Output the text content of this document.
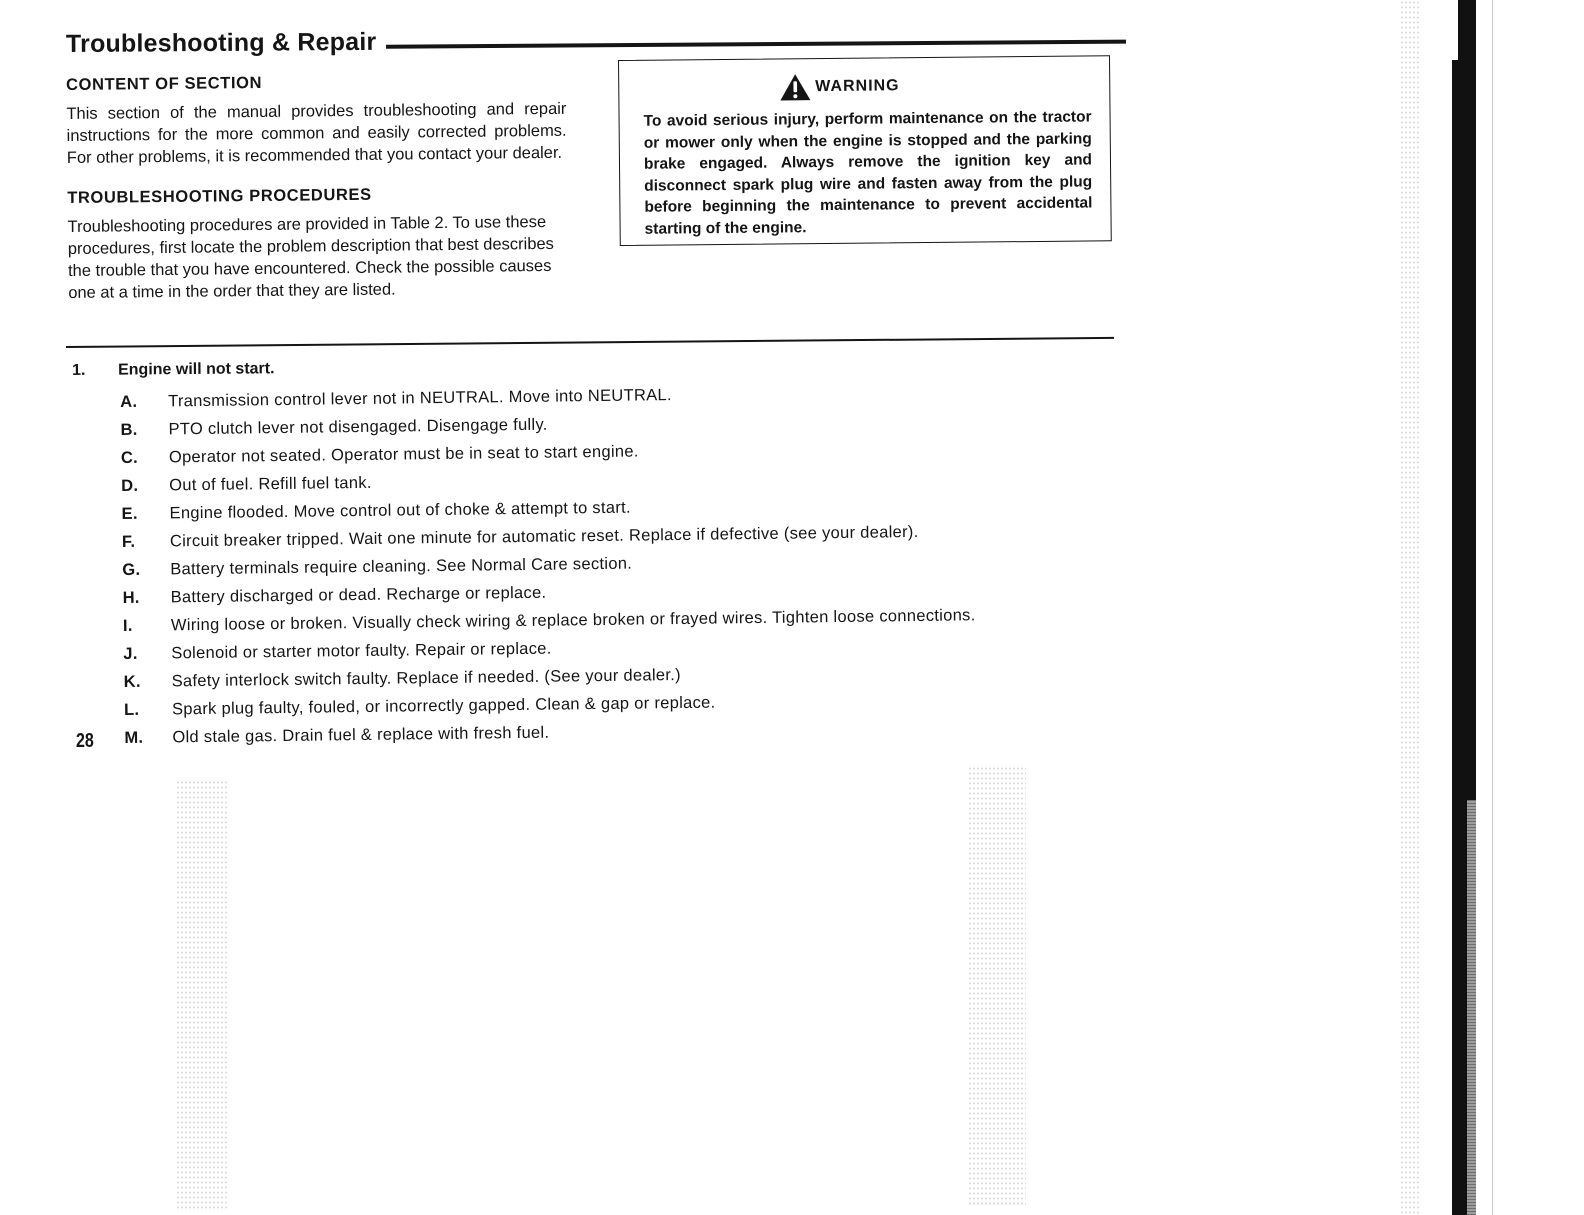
Troubleshooting & Repair
CONTENT OF SECTION
This section of the manual provides troubleshooting and repair instructions for the more common and easily corrected problems. For other problems, it is recommended that you contact your dealer.
TROUBLESHOOTING PROCEDURES
Troubleshooting procedures are provided in Table 2. To use these procedures, first locate the problem description that best describes the trouble that you have encountered. Check the possible causes one at a time in the order that they are listed.
WARNING
To avoid serious injury, perform maintenance on the tractor or mower only when the engine is stopped and the parking brake engaged. Always remove the ignition key and disconnect spark plug wire and fasten away from the plug before beginning the maintenance to prevent accidental starting of the engine.
1. Engine will not start.
A.	Transmission control lever not in NEUTRAL. Move into NEUTRAL.
B.	PTO clutch lever not disengaged. Disengage fully.
C.	Operator not seated. Operator must be in seat to start engine.
D.	Out of fuel. Refill fuel tank.
E.	Engine flooded. Move control out of choke & attempt to start.
F.	Circuit breaker tripped. Wait one minute for automatic reset. Replace if defective (see your dealer).
G.	Battery terminals require cleaning. See Normal Care section.
H.	Battery discharged or dead. Recharge or replace.
I.	Wiring loose or broken. Visually check wiring & replace broken or frayed wires. Tighten loose connections.
J.	Solenoid or starter motor faulty. Repair or replace.
K.	Safety interlock switch faulty. Replace if needed. (See your dealer.)
L.	Spark plug faulty, fouled, or incorrectly gapped. Clean & gap or replace.
M.	Old stale gas. Drain fuel & replace with fresh fuel.
28
